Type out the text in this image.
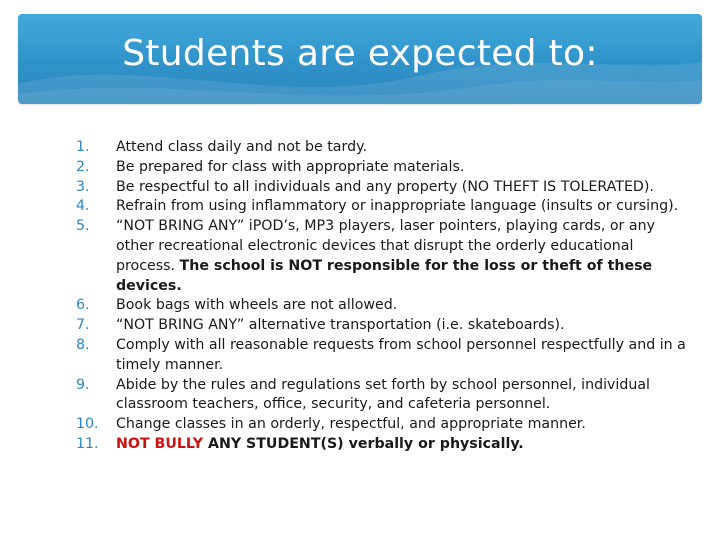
Students are expected to:
1.	Attend class daily and not be tardy.
2.	Be prepared for class with appropriate materials.
3.	Be respectful to all individuals and any property (NO THEFT IS TOLERATED).
4.	Refrain from using inflammatory or inappropriate language (insults or cursing).
5.	“NOT BRING ANY” iPOD’s, MP3 players, laser pointers, playing cards, or any other recreational electronic devices that disrupt the orderly educational process. The school is NOT responsible for the loss or theft of these devices.
6.	Book bags with wheels are not allowed.
7.	“NOT BRING ANY” alternative transportation (i.e. skateboards).
8.	Comply with all reasonable requests from school personnel respectfully and in a timely manner.
9.	Abide by the rules and regulations set forth by school personnel, individual classroom teachers, office, security, and cafeteria personnel.
10.	Change classes in an orderly, respectful, and appropriate manner.
11.	NOT BULLY ANY STUDENT(S) verbally or physically.
